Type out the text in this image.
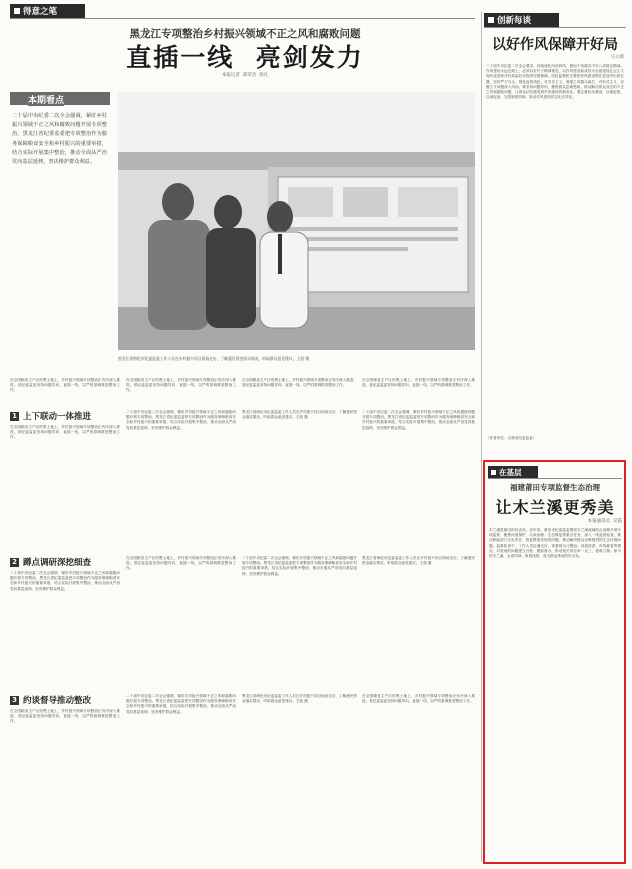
得意之笔
创新每谈
黑龙江专项整治乡村振兴领域不正之风和腐败问题
直插一线  亮剑发力
本报记者  郑荣杰  徐凡
本期看点
二十届中央纪委二次全会强调，紧盯乡村振兴领域不正之风和腐败问题开展专项整治。黑龙江省纪委监委把专项整治作为服务保障粮食安全和乡村振兴的重要举措，结合实际开展集中整治，推动全面从严治党向基层延伸，坚决维护群众利益。
黑龙江省海伦市纪委监委工作人员在乡村振兴项目现场走访，了解惠民资金落实情况，听取群众意见建议。王凯 摄
在全国粮食主产区的黑土地上，乡村振兴领域专项整治正有序深入推进。省纪委监委坚持问题导向，直插一线，以严的基调推进整治工作。
在全国粮食主产区的黑土地上，乡村振兴领域专项整治正有序深入推进。省纪委监委坚持问题导向，直插一线，以严的基调推进整治工作。
在全国粮食主产区的黑土地上，乡村振兴领域专项整治正有序深入推进。省纪委监委坚持问题导向，直插一线，以严的基调推进整治工作。
在全国粮食主产区的黑土地上，乡村振兴领域专项整治正有序深入推进。省纪委监委坚持问题导向，直插一线，以严的基调推进整治工作。
1 上下联动一体推进
在全国粮食主产区的黑土地上，乡村振兴领域专项整治正有序深入推进。省纪委监委坚持问题导向，直插一线，以严的基调推进整治工作。
二十届中央纪委二次全会强调，紧盯乡村振兴领域不正之风和腐败问题开展专项整治。黑龙江省纪委监委把专项整治作为服务保障粮食安全和乡村振兴的重要举措，结合实际开展集中整治，推动全面从严治党向基层延伸，坚决维护群众利益。
黑龙江省海伦市纪委监委工作人员在乡村振兴项目现场走访，了解惠民资金落实情况，听取群众意见建议。王凯 摄
二十届中央纪委二次全会强调，紧盯乡村振兴领域不正之风和腐败问题开展专项整治。黑龙江省纪委监委把专项整治作为服务保障粮食安全和乡村振兴的重要举措，结合实际开展集中整治，推动全面从严治党向基层延伸，坚决维护群众利益。
2 蹲点调研深挖细查
二十届中央纪委二次全会强调，紧盯乡村振兴领域不正之风和腐败问题开展专项整治。黑龙江省纪委监委把专项整治作为服务保障粮食安全和乡村振兴的重要举措，结合实际开展集中整治，推动全面从严治党向基层延伸，坚决维护群众利益。
在全国粮食主产区的黑土地上，乡村振兴领域专项整治正有序深入推进。省纪委监委坚持问题导向，直插一线，以严的基调推进整治工作。
二十届中央纪委二次全会强调，紧盯乡村振兴领域不正之风和腐败问题开展专项整治。黑龙江省纪委监委把专项整治作为服务保障粮食安全和乡村振兴的重要举措，结合实际开展集中整治，推动全面从严治党向基层延伸，坚决维护群众利益。
黑龙江省海伦市纪委监委工作人员在乡村振兴项目现场走访，了解惠民资金落实情况，听取群众意见建议。王凯 摄
3 约谈督导推动整改
在全国粮食主产区的黑土地上，乡村振兴领域专项整治正有序深入推进。省纪委监委坚持问题导向，直插一线，以严的基调推进整治工作。
二十届中央纪委二次全会强调，紧盯乡村振兴领域不正之风和腐败问题开展专项整治。黑龙江省纪委监委把专项整治作为服务保障粮食安全和乡村振兴的重要举措，结合实际开展集中整治，推动全面从严治党向基层延伸，坚决维护群众利益。
黑龙江省海伦市纪委监委工作人员在乡村振兴项目现场走访，了解惠民资金落实情况，听取群众意见建议。王凯 摄
在全国粮食主产区的黑土地上，乡村振兴领域专项整治正有序深入推进。省纪委监委坚持问题导向，直插一线，以严的基调推进整治工作。
以好作风保障开好局
马立新
二十届中央纪委二次全会要求，持续深化纠治四风，锲而不舍落实中央八项规定精神。作风建设永远在路上，必须以钉钉子精神推进，以作风建设新成效为全面建设社会主义现代化国家开好局起好步提供坚强保障。纪检监察机关要把作风建设摆在更加突出的位置，坚持严字当头，强化监督执纪，对享乐主义、奢靡之风露头就打，对形式主义、官僚主义问题深入纠治。要坚持问题导向，聚焦群众急难愁盼，推动解决群众身边的不正之风和腐败问题，让群众切实感受到作风建设的新变化。要注重标本兼治，以案促改、以案促治，完善制度机制，推动作风建设常态化长效化。
（作者单位：吉林省纪委监委）
在基层
福建莆田专项监督生态治理
让木兰溪更秀美
本报通讯员  吴霞
木兰溪是莆田的母亲河。近年来，莆田市纪委监委围绕木兰溪流域综合治理开展专项监督，聚焦河道保护、污染治理、生态修复等重点任务，深入一线监督检查，推动职能部门压实责任，督促整改发现的问题，推动解决群众反映强烈的生态环境问题。监督检查中，工作人员沿溪走访，查看排污口整治、河道清淤、岸线修复等情况，对发现的问题建立台账、跟踪督办，推动相关单位举一反三、建章立制。如今的木兰溪，水清岸绿、鱼翔浅底，成为群众休闲的好去处。
